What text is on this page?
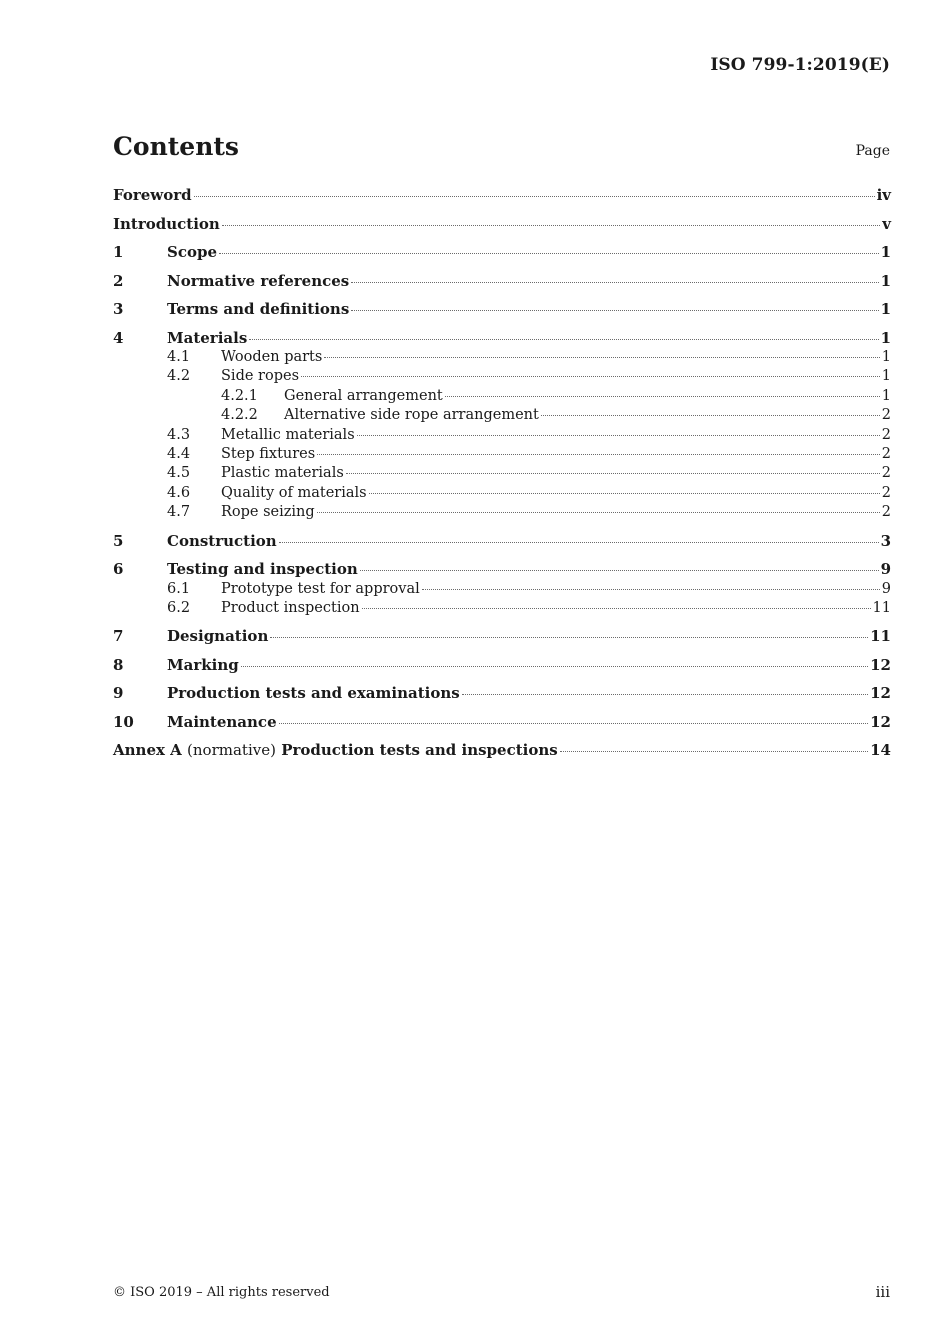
ISO 799-1:2019(E)
Contents	Page
Foreword	iv
Introduction	v
1	Scope	1
2	Normative references	1
3	Terms and definitions	1
4	Materials	1
4.1	Wooden parts	1
4.2	Side ropes	1
4.2.1	General arrangement	1
4.2.2	Alternative side rope arrangement	2
4.3	Metallic materials	2
4.4	Step fixtures	2
4.5	Plastic materials	2
4.6	Quality of materials	2
4.7	Rope seizing	2
5	Construction	3
6	Testing and inspection	9
6.1	Prototype test for approval	9
6.2	Product inspection	11
7	Designation	11
8	Marking	12
9	Production tests and examinations	12
10	Maintenance	12
Annex A (normative) Production tests and inspections	14
© ISO 2019 – All rights reserved	iii
